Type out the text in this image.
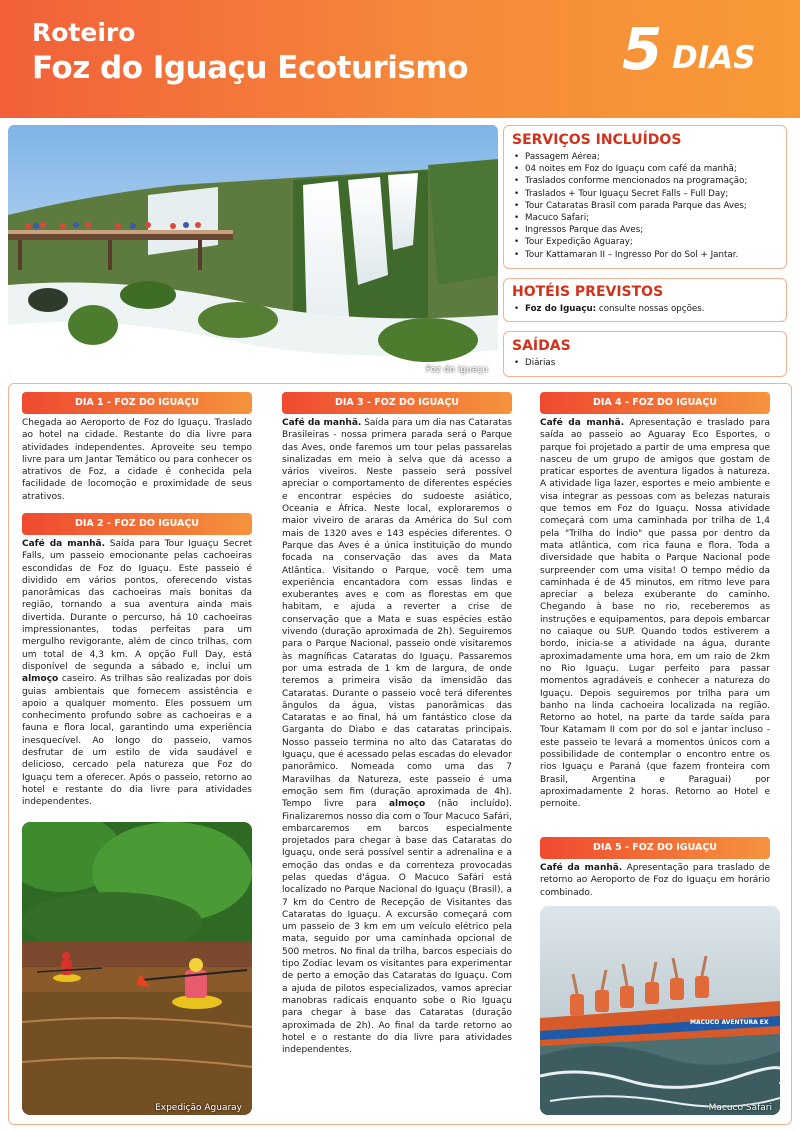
Roteiro
Foz do Iguaçu Ecoturismo	5 DIAS
Foz do Iguaçu
SERVIÇOS INCLUÍDOS
• Passagem Aérea;
• 04 noites em Foz do Iguaçu com café da manhã;
• Traslados conforme mencionados na programação;
• Traslados + Tour Iguaçu Secret Falls – Full Day;
• Tour Cataratas Brasil com parada Parque das Aves;
• Macuco Safari;
• Ingressos Parque das Aves;
• Tour Expedição Aguaray;
• Tour Kattamaran II – Ingresso Por do Sol + Jantar.
HOTÉIS PREVISTOS
• Foz do Iguaçu: consulte nossas opções.
SAÍDAS
• Diárias
DIA 1 - FOZ DO IGUAÇU

Chegada ao Aeroporto de Foz do Iguaçu. Traslado ao hotel na cidade. Restante do dia livre para atividades independentes. Aproveite seu tempo livre para um Jantar Temático ou para conhecer os atrativos de Foz, a cidade é conhecida pela facilidade de locomoção e proximidade de seus atrativos.

DIA 2 - FOZ DO IGUAÇU

Café da manhã. Saída para Tour Iguaçu Secret Falls, um passeio emocionante pelas cachoeiras escondidas de Foz do Iguaçu. Este passeio é dividido em vários pontos, oferecendo vistas panorâmicas das cachoeiras mais bonitas da região, tornando a sua aventura ainda mais divertida. Durante o percurso, há 10 cachoeiras impressionantes, todas perfeitas para um mergulho revigorante, além de cinco trilhas, com um total de 4,3 km. A opção Full Day, está disponível de segunda a sábado e, inclui um almoço caseiro. As trilhas são realizadas por dois guias ambientais que fornecem assistência e apoio a qualquer momento. Eles possuem um conhecimento profundo sobre as cachoeiras e a fauna e flora local, garantindo uma experiência inesquecível. Ao longo do passeio, vamos desfrutar de um estilo de vida saudável e delicioso, cercado pela natureza que Foz do Iguaçu tem a oferecer. Após o passeio, retorno ao hotel e restante do dia livre para atividades independentes.

Expedição Aguaray
DIA 3 - FOZ DO IGUAÇU

Café da manhã. Saída para um dia nas Cataratas Brasileiras - nossa primera parada será o Parque das Aves, onde faremos um tour pelas passarelas sinalizadas em meio à selva que dá acesso a vários viveiros. Neste passeio será possível apreciar o comportamento de diferentes espécies e encontrar espécies do sudoeste asiático, Oceania e África. Neste local, exploraremos o maior viveiro de araras da América do Sul com mais de 1320 aves e 143 espécies diferentes. O Parque das Aves é a única instituição do mundo focada na conservação das aves da Mata Atlântica. Visitando o Parque, você tem uma experiência encantadora com essas lindas e exuberantes aves e com as florestas em que habitam, e ajuda a reverter a crise de conservação que a Mata e suas espécies estão vivendo (duração aproximada de 2h). Seguiremos para o Parque Nacional, passeio onde visitaremos às magníficas Cataratas do Iguaçu. Passaremos por uma estrada de 1 km de largura, de onde teremos a primeira visão da imensidão das Cataratas. Durante o passeio você terá diferentes ângulos da água, vistas panorâmicas das Cataratas e ao final, há um fantástico close da Garganta do Diabo e das cataratas principais. Nosso passeio termina no alto das Cataratas do Iguaçu, que é acessado pelas escadas do elevador panorâmico. Nomeada como uma das 7 Maravilhas da Natureza, este passeio é uma emoção sem fim (duração aproximada de 4h). Tempo livre para almoço (não incluído). Finalizaremos nosso dia com o Tour Macuco Safári, embarcaremos em barcos especialmente projetados para chegar à base das Cataratas do Iguaçu, onde será possível sentir a adrenalina e a emoção das ondas e da correnteza provocadas pelas quedas d'água. O Macuco Safári está localizado no Parque Nacional do Iguaçu (Brasil), a 7 km do Centro de Recepção de Visitantes das Cataratas do Iguaçu. A excursão começará com um passeio de 3 km em um veículo elétrico pela mata, seguido por uma caminhada opcional de 500 metros. No final da trilha, barcos especiais do tipo Zodiac levam os visitantes para experimentar de perto a emoção das Cataratas do Iguaçu. Com a ajuda de pilotos especializados, vamos apreciar manobras radicais enquanto sobe o Rio Iguaçu para chegar à base das Cataratas (duração aproximada de 2h). Ao final da tarde retorno ao hotel e o restante do dia livre para atividades independentes.

DIA 4 - FOZ DO IGUAÇU

Café da manhã. Apresentação e traslado para saída ao passeio ao Aguaray Eco Esportes, o parque foi projetado a partir de uma empresa que nasceu de um grupo de amigos que gostam de praticar esportes de aventura ligados à natureza. A atividade liga lazer, esportes e meio ambiente e visa integrar as pessoas com as belezas naturais que temos em Foz do Iguaçu. Nossa atividade começará com uma caminhada por trilha de 1,4 pela "Trilha do Índio" que passa por dentro da mata atlântica, com rica fauna e flora. Toda a diversidade que habita o Parque Nacional pode surpreender com uma visita! O tempo médio da caminhada é de 45 minutos, em ritmo leve para apreciar a beleza exuberante do caminho. Chegando à base no rio, receberemos as instruções e equipamentos, para depois embarcar no caiaque ou SUP. Quando todos estiverem a bordo, inicia-se a atividade na água, durante aproximadamente uma hora, em um raio de 2km no Rio Iguaçu. Lugar perfeito para passar momentos agradáveis e conhecer a natureza do Iguaçu. Depois seguiremos por trilha para um banho na linda cachoeira localizada na região. Retorno ao hotel, na parte da tarde saída para Tour Katamam II com por do sol e jantar incluso - este passeio te levará a momentos únicos com a possibilidade de contemplar o encontro entre os rios Iguaçu e Paraná (que fazem fronteira com Brasil, Argentina e Paraguai) por aproximadamente 2 horas. Retorno ao Hotel e pernoite.

DIA 5 - FOZ DO IGUAÇU

Café da manhã. Apresentação para traslado de retorno ao Aeroporto de Foz do Iguaçu em horário combinado.

MACUCO AVENTURA EX
Macuco Safari
